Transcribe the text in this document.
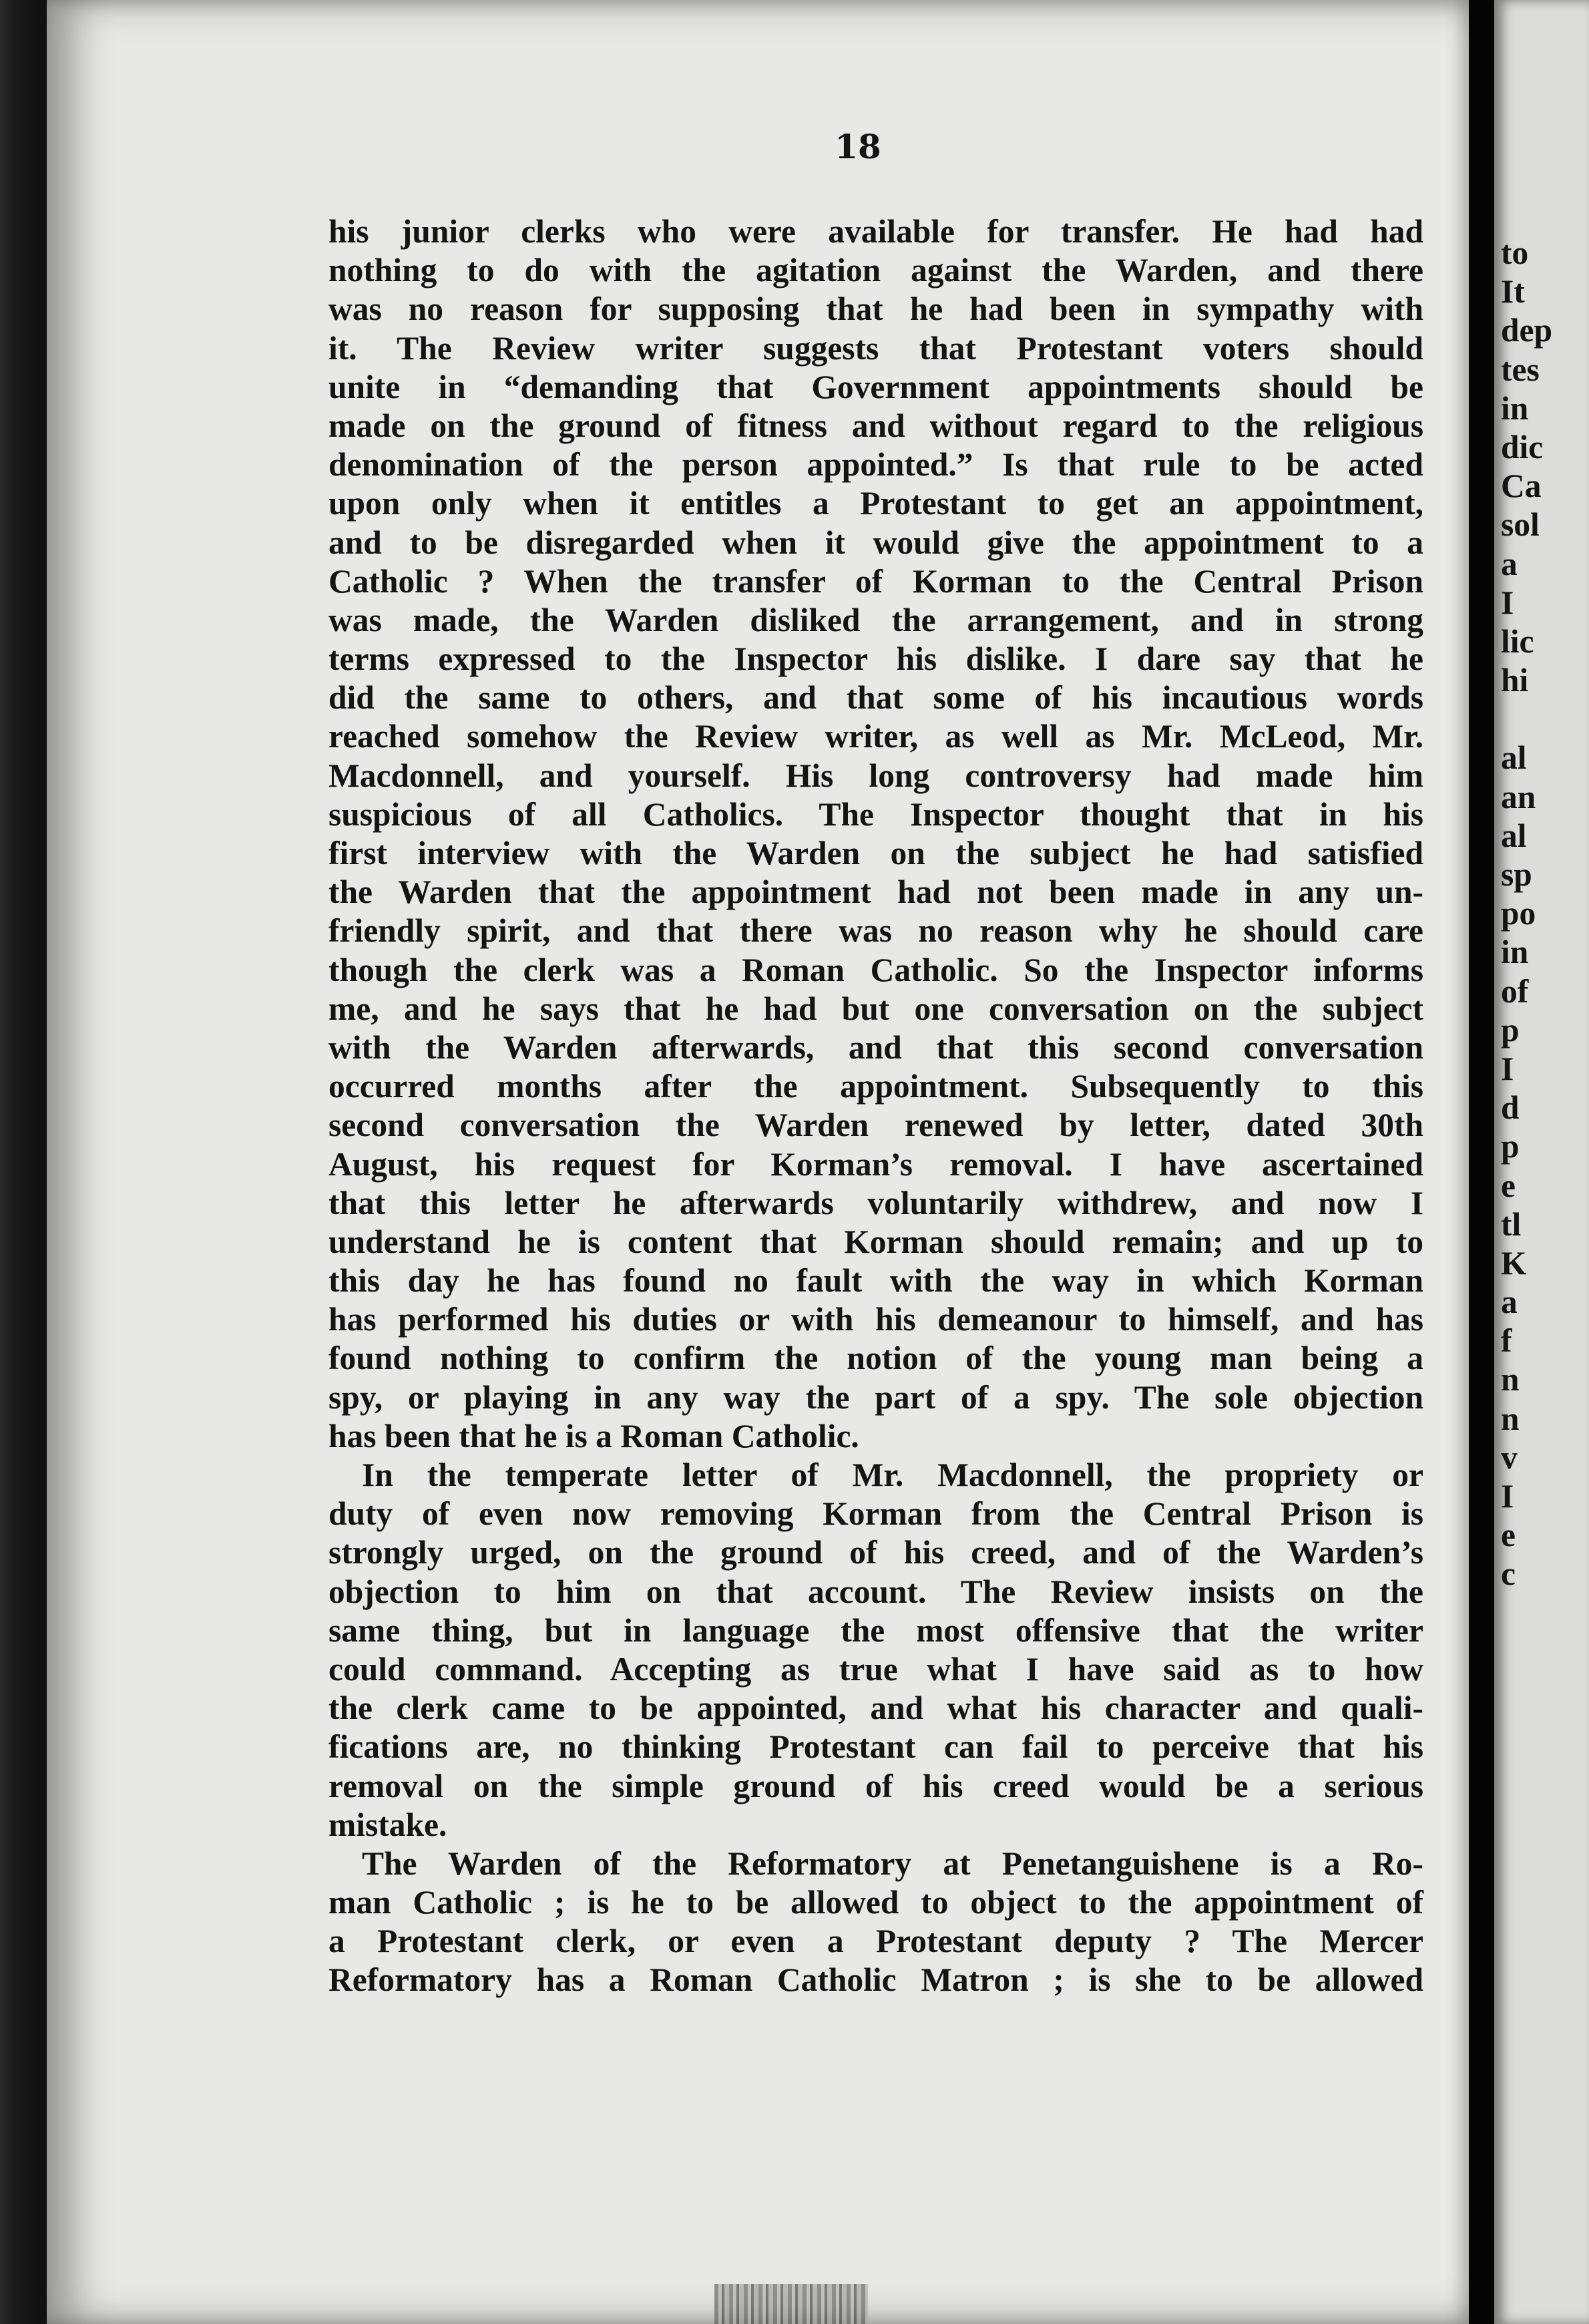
18
his junior clerks who were available for transfer. He had had
nothing to do with the agitation against the Warden, and there
was no reason for supposing that he had been in sympathy with
it. The Review writer suggests that Protestant voters should
unite in “demanding that Government appointments should be
made on the ground of fitness and without regard to the religious
denomination of the person appointed.” Is that rule to be acted
upon only when it entitles a Protestant to get an appointment,
and to be disregarded when it would give the appointment to a
Catholic ? When the transfer of Korman to the Central Prison
was made, the Warden disliked the arrangement, and in strong
terms expressed to the Inspector his dislike. I dare say that he
did the same to others, and that some of his incautious words
reached somehow the Review writer, as well as Mr. McLeod, Mr.
Macdonnell, and yourself. His long controversy had made him
suspicious of all Catholics. The Inspector thought that in his
first interview with the Warden on the subject he had satisfied
the Warden that the appointment had not been made in any un-
friendly spirit, and that there was no reason why he should care
though the clerk was a Roman Catholic. So the Inspector informs
me, and he says that he had but one conversation on the subject
with the Warden afterwards, and that this second conversation
occurred months after the appointment. Subsequently to this
second conversation the Warden renewed by letter, dated 30th
August, his request for Korman’s removal. I have ascertained
that this letter he afterwards voluntarily withdrew, and now I
understand he is content that Korman should remain; and up to
this day he has found no fault with the way in which Korman
has performed his duties or with his demeanour to himself, and has
found nothing to confirm the notion of the young man being a
spy, or playing in any way the part of a spy. The sole objection
has been that he is a Roman Catholic.
In the temperate letter of Mr. Macdonnell, the propriety or
duty of even now removing Korman from the Central Prison is
strongly urged, on the ground of his creed, and of the Warden’s
objection to him on that account. The Review insists on the
same thing, but in language the most offensive that the writer
could command. Accepting as true what I have said as to how
the clerk came to be appointed, and what his character and quali-
fications are, no thinking Protestant can fail to perceive that his
removal on the simple ground of his creed would be a serious
mistake.
The Warden of the Reformatory at Penetanguishene is a Ro-
man Catholic ; is he to be allowed to object to the appointment of
a Protestant clerk, or even a Protestant deputy ? The Mercer
Reformatory has a Roman Catholic Matron ; is she to be allowed
to
It
dep
tes
in
dic
Ca
sol
a
I
lic
hi
al
an
al
sp
po
in
of
p
I
d
p
e
tl
K
a
f
n
n
v
I
e
c
